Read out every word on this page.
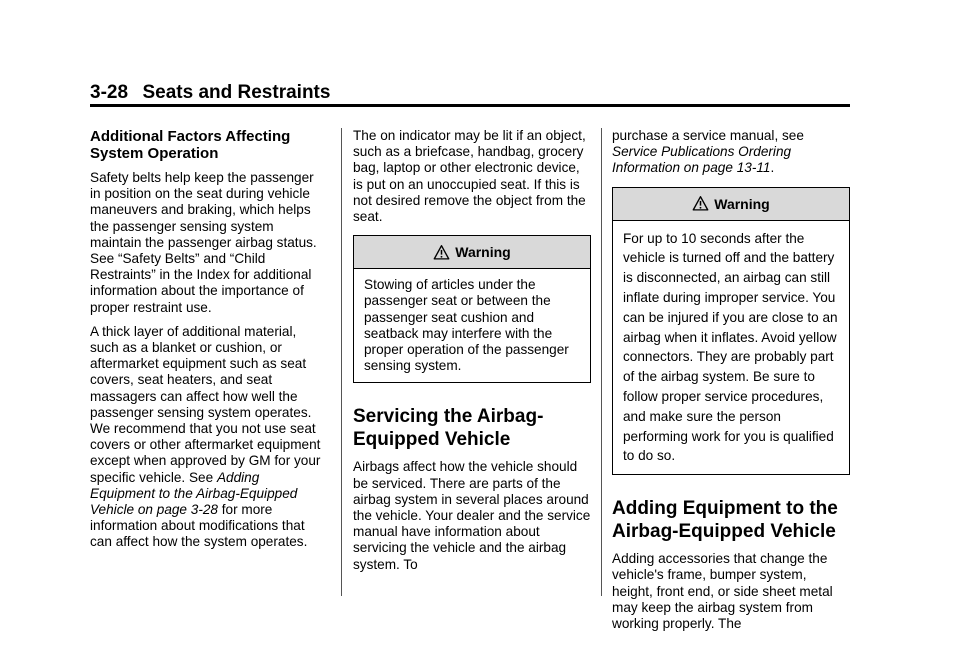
3-28 Seats and Restraints
Additional Factors Affecting System Operation

Safety belts help keep the passenger in position on the seat during vehicle maneuvers and braking, which helps the passenger sensing system maintain the passenger airbag status. See “Safety Belts” and “Child Restraints” in the Index for additional information about the importance of proper restraint use.

A thick layer of additional material, such as a blanket or cushion, or aftermarket equipment such as seat covers, seat heaters, and seat massagers can affect how well the passenger sensing system operates. We recommend that you not use seat covers or other aftermarket equipment except when approved by GM for your specific vehicle. See Adding Equipment to the Airbag-Equipped Vehicle on page 3-28 for more information about modifications that can affect how the system operates.

The on indicator may be lit if an object, such as a briefcase, handbag, grocery bag, laptop or other electronic device, is put on an unoccupied seat. If this is not desired remove the object from the seat.

Warning

Stowing of articles under the passenger seat or between the passenger seat cushion and seatback may interfere with the proper operation of the passenger sensing system.

Servicing the Airbag-Equipped Vehicle

Airbags affect how the vehicle should be serviced. There are parts of the airbag system in several places around the vehicle. Your dealer and the service manual have information about servicing the vehicle and the airbag system. To

purchase a service manual, see Service Publications Ordering Information on page 13-11.

Warning

For up to 10 seconds after the vehicle is turned off and the battery is disconnected, an airbag can still inflate during improper service. You can be injured if you are close to an airbag when it inflates. Avoid yellow connectors. They are probably part of the airbag system. Be sure to follow proper service procedures, and make sure the person performing work for you is qualified to do so.

Adding Equipment to the Airbag-Equipped Vehicle

Adding accessories that change the vehicle's frame, bumper system, height, front end, or side sheet metal may keep the airbag system from working properly. The
